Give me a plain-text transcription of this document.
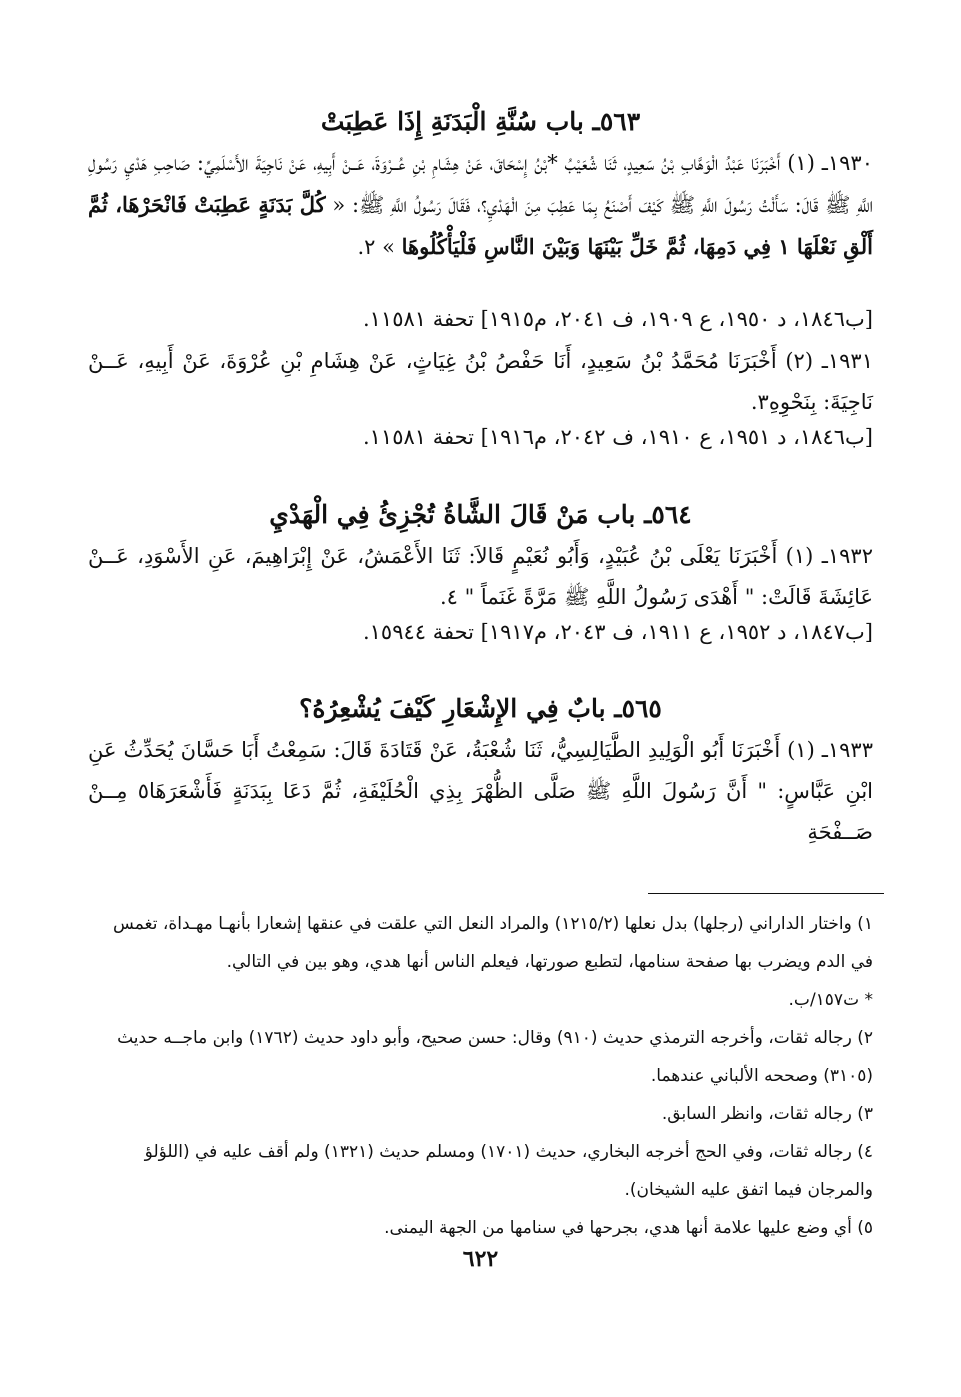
٥٦٣ـ باب سُنَّةِ الْبَدَنَةِ إِذَا عَطِبَتْ
١٩٣٠ـ (١) أَخْبَرَنَا عَبْدُ الْوَهَّابِ بْنُ سَعِيدٍ، ثَنَا شُعَيْبُ *بْنُ إِسْحَاقَ، عَنْ هِشَامِ بْنِ عُــرْوَةَ، عَــنْ أَبِيهِ، عَنْ نَاجِيَةَ الأَسْلَمِيِّ: صَاحِبِ هَدْيِ رَسُولِ اللَّهِ ﷺ قَالَ: سَأَلْتُ رَسُولَ اللَّهِ ﷺ كَيْفَ أَصْنَعُ بِمَا عَطِبَ مِنَ الْهَدْيِ؟، فَقَالَ رَسُولُ اللَّهِ ﷺ: « كُلَّ بَدَنَةٍ عَطِبَتْ فَانْحَرْهَا، ثُمَّ أَلْقِ نَعْلَهَا ١ فِي دَمِهَا، ثُمَّ خَلِّ بَيْنَهَا وَبَيْنَ النَّاسِ فَلْيَأْكُلُوهَا » ٢.
[ب١٨٤٦، د ١٩٥٠، ع ١٩٠٩، ف ٢٠٤١، م١٩١٥] تحفة ١١٥٨١.
١٩٣١ـ (٢) أَخْبَرَنَا مُحَمَّدُ بْنُ سَعِيدٍ، أَنَا حَفْصُ بْنُ غِيَاثٍ، عَنْ هِشَامِ بْنِ عُرْوَةَ، عَنْ أَبِيهِ، عَــنْ نَاجِيَةَ: بِنَحْوِهِ٣.
[ب١٨٤٦، د ١٩٥١، ع ١٩١٠، ف ٢٠٤٢، م١٩١٦] تحفة ١١٥٨١.
٥٦٤ـ باب مَنْ قَالَ الشَّاةُ تُجْزِئُ فِي الْهَدْيِ
١٩٣٢ـ (١) أَخْبَرَنَا يَعْلَى بْنُ عُبَيْدٍ، وَأَبُو نُعَيْمٍ قَالاَ: ثَنَا الأَعْمَشُ، عَنْ إِبْرَاهِيمَ، عَنِ الأَسْوَدِ، عَــنْ عَائِشَةَ قَالَتْ: " أَهْدَى رَسُولُ اللَّهِ ﷺ مَرَّةً غَنَماً " ٤.
[ب١٨٤٧، د ١٩٥٢، ع ١٩١١، ف ٢٠٤٣، م١٩١٧] تحفة ١٥٩٤٤.
٥٦٥ـ بابٌ فِي الإِشْعَارِ كَيْفَ يُشْعِرُهُ؟
١٩٣٣ـ (١) أَخْبَرَنَا أَبُو الْوَلِيدِ الطَّيَالِسِيُّ، ثَنَا شُعْبَةُ، عَنْ قَتَادَةَ قَالَ: سَمِعْتُ أَبَا حَسَّانَ يُحَدِّثُ عَنِ ابْنِ عَبَّاسٍ: " أَنَّ رَسُولَ اللَّهِ ﷺ صَلَّى الظُّهْرَ بِذِي الْحُلَيْفَةِ، ثُمَّ دَعَا بِبَدَنَةٍ فَأَشْعَرَهَا٥ مِــنْ صَــفْحَةِ

١) واختار الداراني (رجلها) بدل نعلها (١٢١٥/٢) والمراد النعل التي علقت في عنقها إشعارا بأنهـا مهـداة، تغمس في الدم ويضرب بها صفحة سنامها، لتطبع صورتها، فيعلم الناس أنها هدي، وهو بين في التالي.

* ت١٥٧/ب.

٢) رجاله ثقات، وأخرجه الترمذي حديث (٩١٠) وقال: حسن صحيح، وأبو داود حديث (١٧٦٢) وابن ماجــه حديث (٣١٠٥) وصححه الألباني عندهما.

٣) رجاله ثقات، وانظر السابق.

٤) رجاله ثقات، وفي الحج أخرجه البخاري، حديث (١٧٠١) ومسلم حديث (١٣٢١) ولم أقف عليه في (اللؤلؤ والمرجان فيما اتفق عليه الشيخان).

٥) أي وضع عليها علامة أنها هدي، بجرحها في سنامها من الجهة اليمنى.

٦٢٢
